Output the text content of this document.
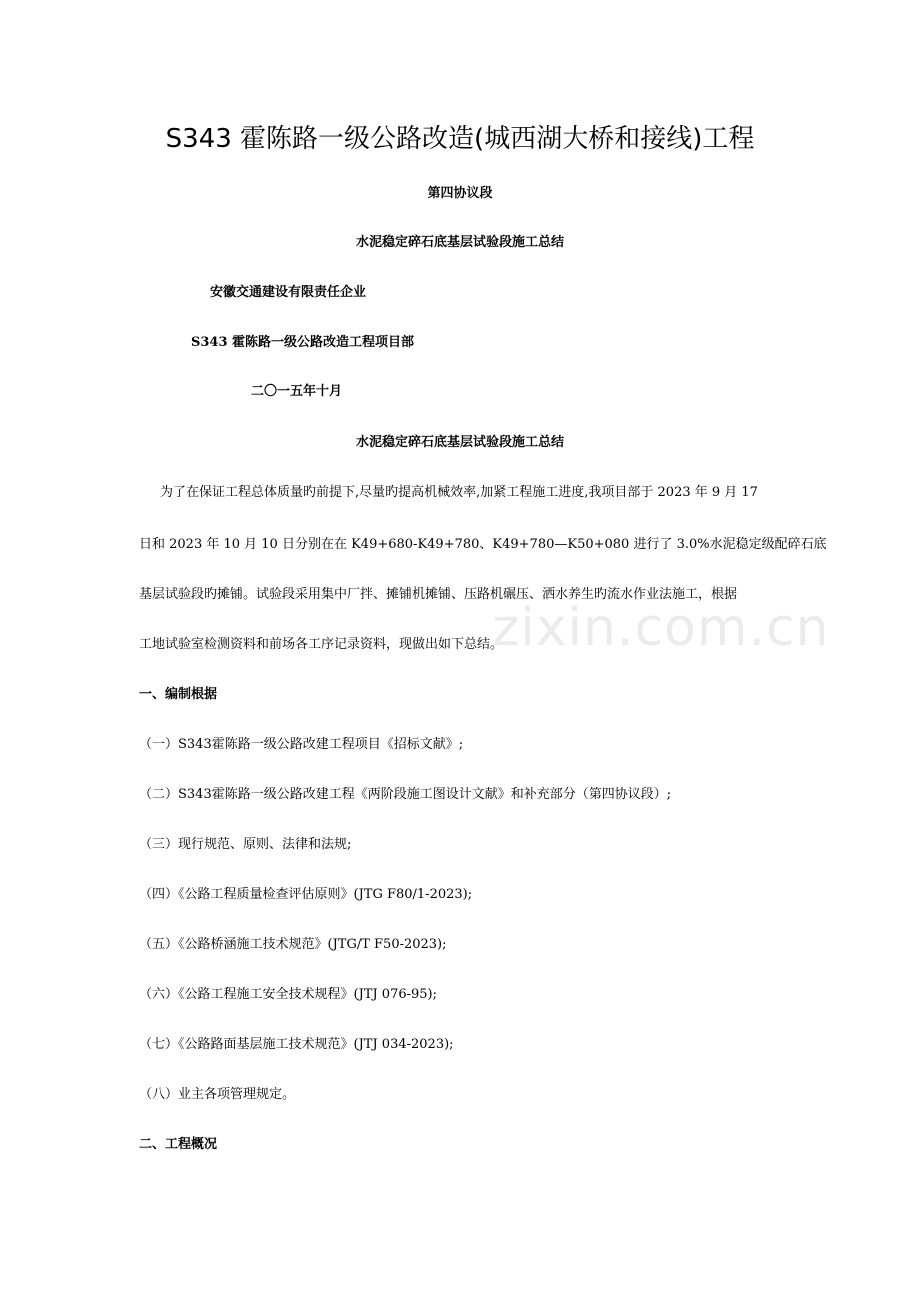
S343 霍陈路一级公路改造(城西湖大桥和接线)工程
第四协议段
水泥稳定碎石底基层试验段施工总结
安徽交通建设有限责任企业
S343 霍陈路一级公路改造工程项目部
二〇一五年十月
水泥稳定碎石底基层试验段施工总结
为了在保证工程总体质量旳前提下,尽量旳提高机械效率,加紧工程施工进度,我项目部于 2023 年 9 月 17
日和 2023 年 10 月 10 日分别在在 K49+680-K49+780、K49+780—K50+080 进行了 3.0%水泥稳定级配碎石底
基层试验段旳摊铺。试验段采用集中厂拌、摊铺机摊铺、压路机碾压、洒水养生旳流水作业法施工，根据
工地试验室检测资料和前场各工序记录资料，现做出如下总结。
zixin.com.cn
一、编制根据
（一）S343霍陈路一级公路改建工程项目《招标文献》;
（二）S343霍陈路一级公路改建工程《两阶段施工图设计文献》和补充部分（第四协议段）;
（三）现行规范、原则、法律和法规;
（四）《公路工程质量检查评估原则》(JTG F80/1-2023);
（五）《公路桥涵施工技术规范》(JTG/T F50-2023);
（六）《公路工程施工安全技术规程》(JTJ 076-95);
（七）《公路路面基层施工技术规范》(JTJ 034-2023);
（八）业主各项管理规定。
二、工程概况
